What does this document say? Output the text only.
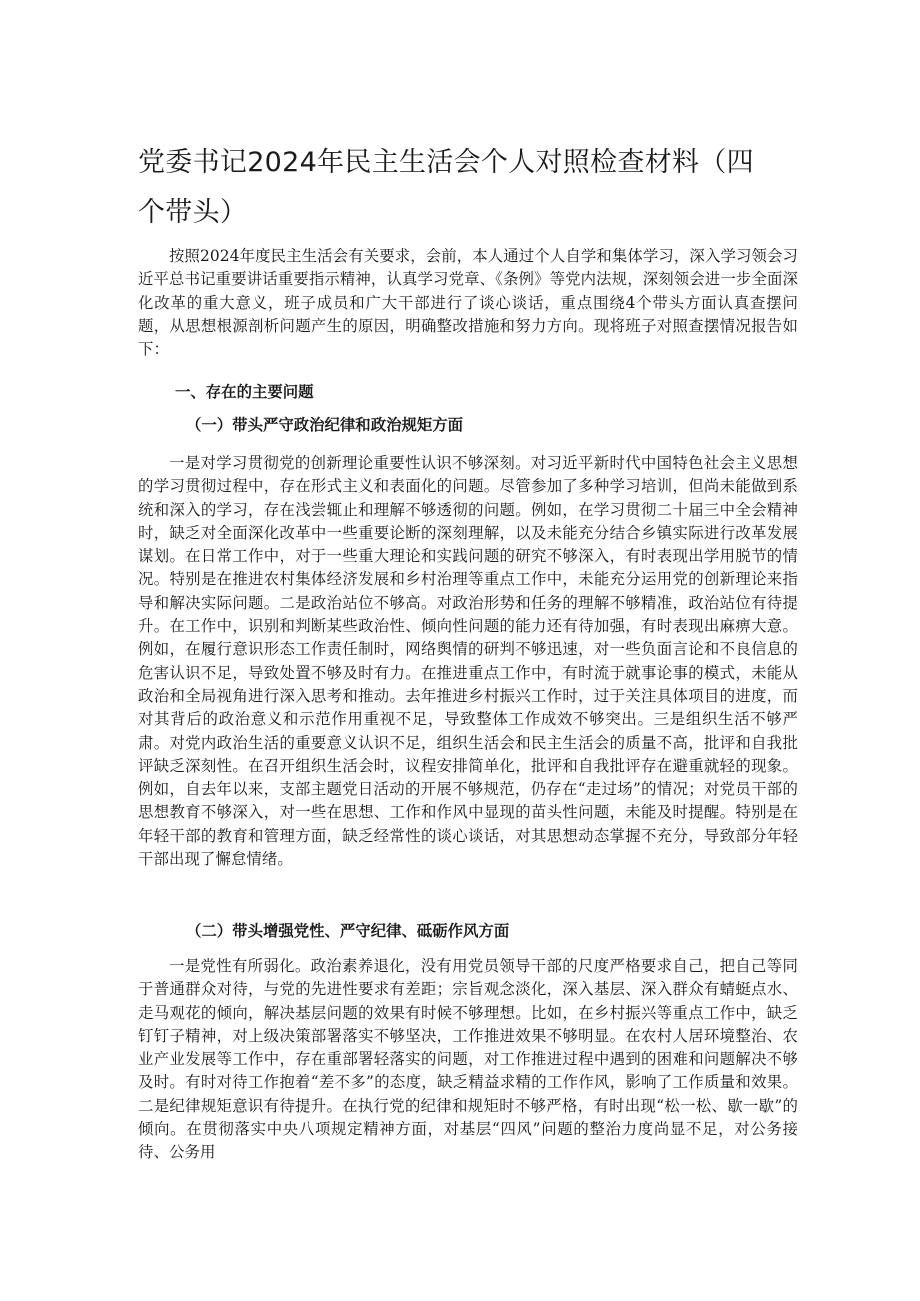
党委书记2024年民主生活会个人对照检查材料（四个带头）

按照2024年度民主生活会有关要求，会前，本人通过个人自学和集体学习，深入学习领会习近平总书记重要讲话重要指示精神，认真学习党章、《条例》等党内法规，深刻领会进一步全面深化改革的重大意义，班子成员和广大干部进行了谈心谈话，重点围绕4个带头方面认真查摆问题，从思想根源剖析问题产生的原因，明确整改措施和努力方向。现将班子对照查摆情况报告如下：

一、存在的主要问题
（一）带头严守政治纪律和政治规矩方面

一是对学习贯彻党的创新理论重要性认识不够深刻。对习近平新时代中国特色社会主义思想的学习贯彻过程中，存在形式主义和表面化的问题。尽管参加了多种学习培训，但尚未能做到系统和深入的学习，存在浅尝辄止和理解不够透彻的问题。例如，在学习贯彻二十届三中全会精神时，缺乏对全面深化改革中一些重要论断的深刻理解，以及未能充分结合乡镇实际进行改革发展谋划。在日常工作中，对于一些重大理论和实践问题的研究不够深入，有时表现出学用脱节的情况。特别是在推进农村集体经济发展和乡村治理等重点工作中，未能充分运用党的创新理论来指导和解决实际问题。二是政治站位不够高。对政治形势和任务的理解不够精准，政治站位有待提升。在工作中，识别和判断某些政治性、倾向性问题的能力还有待加强，有时表现出麻痹大意。例如，在履行意识形态工作责任制时，网络舆情的研判不够迅速，对一些负面言论和不良信息的危害认识不足，导致处置不够及时有力。在推进重点工作中，有时流于就事论事的模式，未能从政治和全局视角进行深入思考和推动。去年推进乡村振兴工作时，过于关注具体项目的进度，而对其背后的政治意义和示范作用重视不足，导致整体工作成效不够突出。三是组织生活不够严肃。对党内政治生活的重要意义认识不足，组织生活会和民主生活会的质量不高，批评和自我批评缺乏深刻性。在召开组织生活会时，议程安排简单化，批评和自我批评存在避重就轻的现象。例如，自去年以来，支部主题党日活动的开展不够规范，仍存在“走过场”的情况；对党员干部的思想教育不够深入，对一些在思想、工作和作风中显现的苗头性问题，未能及时提醒。特别是在年轻干部的教育和管理方面，缺乏经常性的谈心谈话，对其思想动态掌握不充分，导致部分年轻干部出现了懈怠情绪。

（二）带头增强党性、严守纪律、砥砺作风方面

一是党性有所弱化。政治素养退化，没有用党员领导干部的尺度严格要求自己，把自己等同于普通群众对待，与党的先进性要求有差距；宗旨观念淡化，深入基层、深入群众有蜻蜓点水、走马观花的倾向，解决基层问题的效果有时候不够理想。比如，在乡村振兴等重点工作中，缺乏钉钉子精神，对上级决策部署落实不够坚决，工作推进效果不够明显。在农村人居环境整治、农业产业发展等工作中，存在重部署轻落实的问题，对工作推进过程中遇到的困难和问题解决不够及时。有时对待工作抱着“差不多”的态度，缺乏精益求精的工作作风，影响了工作质量和效果。二是纪律规矩意识有待提升。在执行党的纪律和规矩时不够严格，有时出现“松一松、歇一歇”的倾向。在贯彻落实中央八项规定精神方面，对基层“四风”问题的整治力度尚显不足，对公务接待、公务用
